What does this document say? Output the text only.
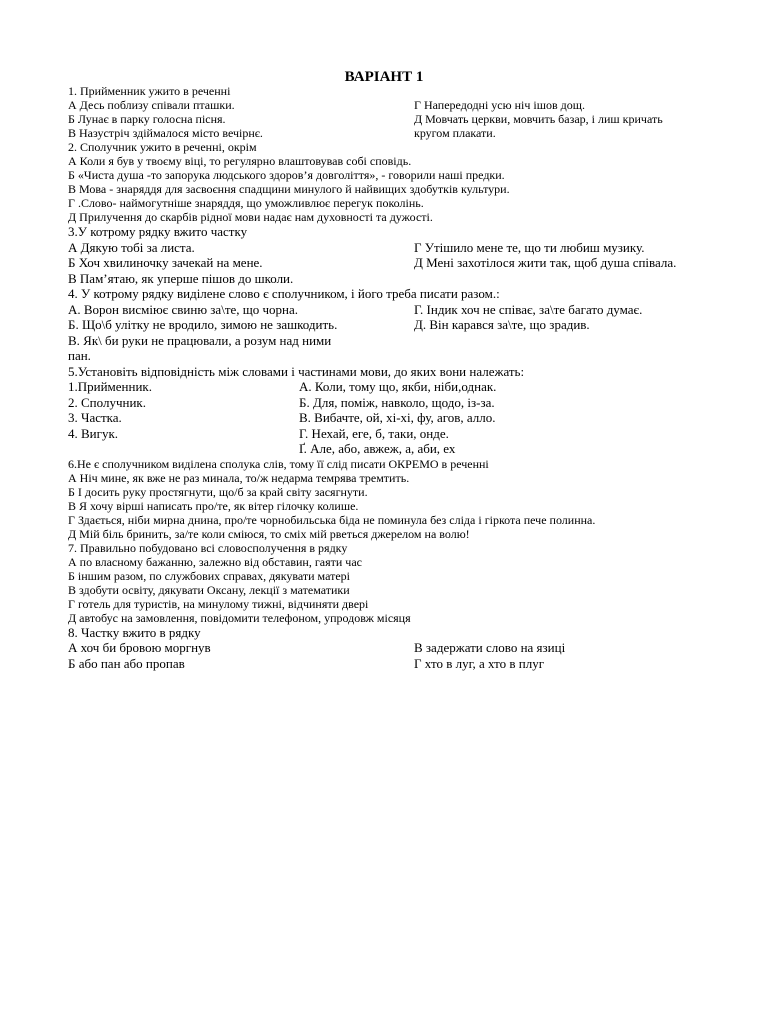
ВАРІАНТ 1
1. Прийменник ужито в реченні
А Десь поблизу співали пташки.	Г Напередодні усю ніч ішов дощ.
Б Лунає в парку голосна пісня.	Д Мовчать церкви, мовчить базар, і лиш кричать
В Назустріч здіймалося місто вечірнє.	кругом плакати.
2. Сполучник ужито в реченні, окрім
А Коли я був у твоєму віці, то регулярно влаштовував собі сповідь.
Б «Чиста душа -то запорука людського здоров’я довголіття», - говорили наші предки.
В Мова - знаряддя для засвоєння спадщини минулого й найвищих здобутків культури.
Г .Слово- наймогутніше знаряддя, що уможливлює перегук поколінь.
Д Прилучення до скарбів рідної мови надає нам духовності та дужості.
3.У котрому рядку вжито частку
А Дякую тобі за листа.	Г Утішило мене те, що ти любиш музику.
Б Хоч хвилиночку зачекай на мене.	Д Мені захотілося жити так, щоб душа співала.
В Пам’ятаю, як уперше пішов до школи.
4. У котрому рядку виділене слово є сполучником, і його треба писати разом.:
А. Ворон висміює свиню за\те, що чорна.	Г. Індик хоч не співає, за\те багато думає.
Б. Що\б улітку не вродило, зимою не зашкодить.	Д. Він карався за\те, що зрадив.
В. Як\ би руки не працювали, а розум над ними
пан.
5.Установіть відповідність між словами і частинами мови, до яких вони належать:
1.Прийменник.	А. Коли, тому що, якби, ніби,однак.
2. Сполучник.	Б. Для, поміж, навколо, щодо, із-за.
3. Частка.	В. Вибачте, ой, хі-хі, фу, агов, алло.
4. Вигук.	Г. Нехай, еге, б, таки, онде.
Ґ. Але, або, авжеж, а, аби, ех
6.Не є сполучником виділена сполука слів, тому її слід писати ОКРЕМО в реченні
А Ніч мине, як вже не раз минала, то/ж недарма темрява тремтить.
Б І досить руку простягнути, що/б за край світу засягнути.
В Я хочу вірші написать про/те, як вітер гілочку колише.
Г Здається, ніби мирна днина, про/те чорнобильська біда не поминула без сліда і гіркота пече полинна.
Д Мій біль бринить, за/те коли сміюся, то сміх мій рветься джерелом на волю!
7. Правильно побудовано всі словосполучення в рядку
А по власному бажанню, залежно від обставин, гаяти час
Б іншим разом, по службових справах, дякувати матері
В здобути освіту, дякувати Оксану, лекції з математики
Г готель для туристів, на минулому тижні, відчиняти двері
Д автобус на замовлення, повідомити телефоном, упродовж місяця
8. Частку вжито в рядку
А хоч би бровою моргнув	В задержати слово на язиці
Б або пан або пропав	Г хто в луг, а хто в плуг
